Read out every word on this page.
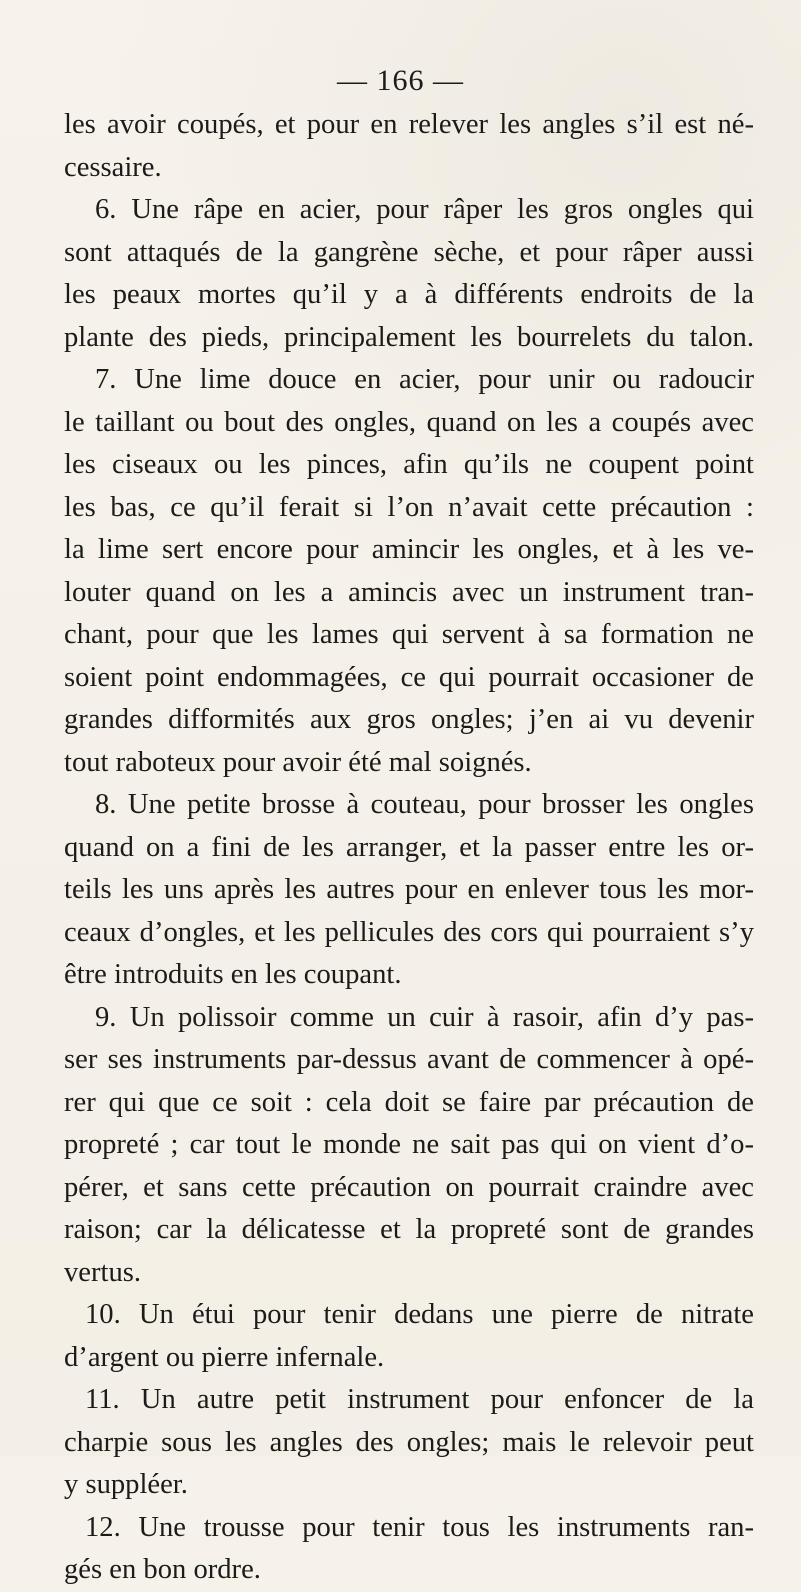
— 166 —
les avoir coupés, et pour en relever les angles s’il est né-
cessaire.
6. Une râpe en acier, pour râper les gros ongles qui
sont attaqués de la gangrène sèche, et pour râper aussi
les peaux mortes qu’il y a à différents endroits de la
plante des pieds, principalement les bourrelets du talon.
7. Une lime douce en acier, pour unir ou radoucir
le taillant ou bout des ongles, quand on les a coupés avec
les ciseaux ou les pinces, afin qu’ils ne coupent point
les bas, ce qu’il ferait si l’on n’avait cette précaution :
la lime sert encore pour amincir les ongles, et à les ve-
louter quand on les a amincis avec un instrument tran-
chant, pour que les lames qui servent à sa formation ne
soient point endommagées, ce qui pourrait occasioner de
grandes difformités aux gros ongles; j’en ai vu devenir
tout raboteux pour avoir été mal soignés.
8. Une petite brosse à couteau, pour brosser les ongles
quand on a fini de les arranger, et la passer entre les or-
teils les uns après les autres pour en enlever tous les mor-
ceaux d’ongles, et les pellicules des cors qui pourraient s’y
être introduits en les coupant.
9. Un polissoir comme un cuir à rasoir, afin d’y pas-
ser ses instruments par-dessus avant de commencer à opé-
rer qui que ce soit : cela doit se faire par précaution de
propreté ; car tout le monde ne sait pas qui on vient d’o-
pérer, et sans cette précaution on pourrait craindre avec
raison; car la délicatesse et la propreté sont de grandes
vertus.
10. Un étui pour tenir dedans une pierre de nitrate
d’argent ou pierre infernale.
11. Un autre petit instrument pour enfoncer de la
charpie sous les angles des ongles; mais le relevoir peut
y suppléer.
12. Une trousse pour tenir tous les instruments ran-
gés en bon ordre.
